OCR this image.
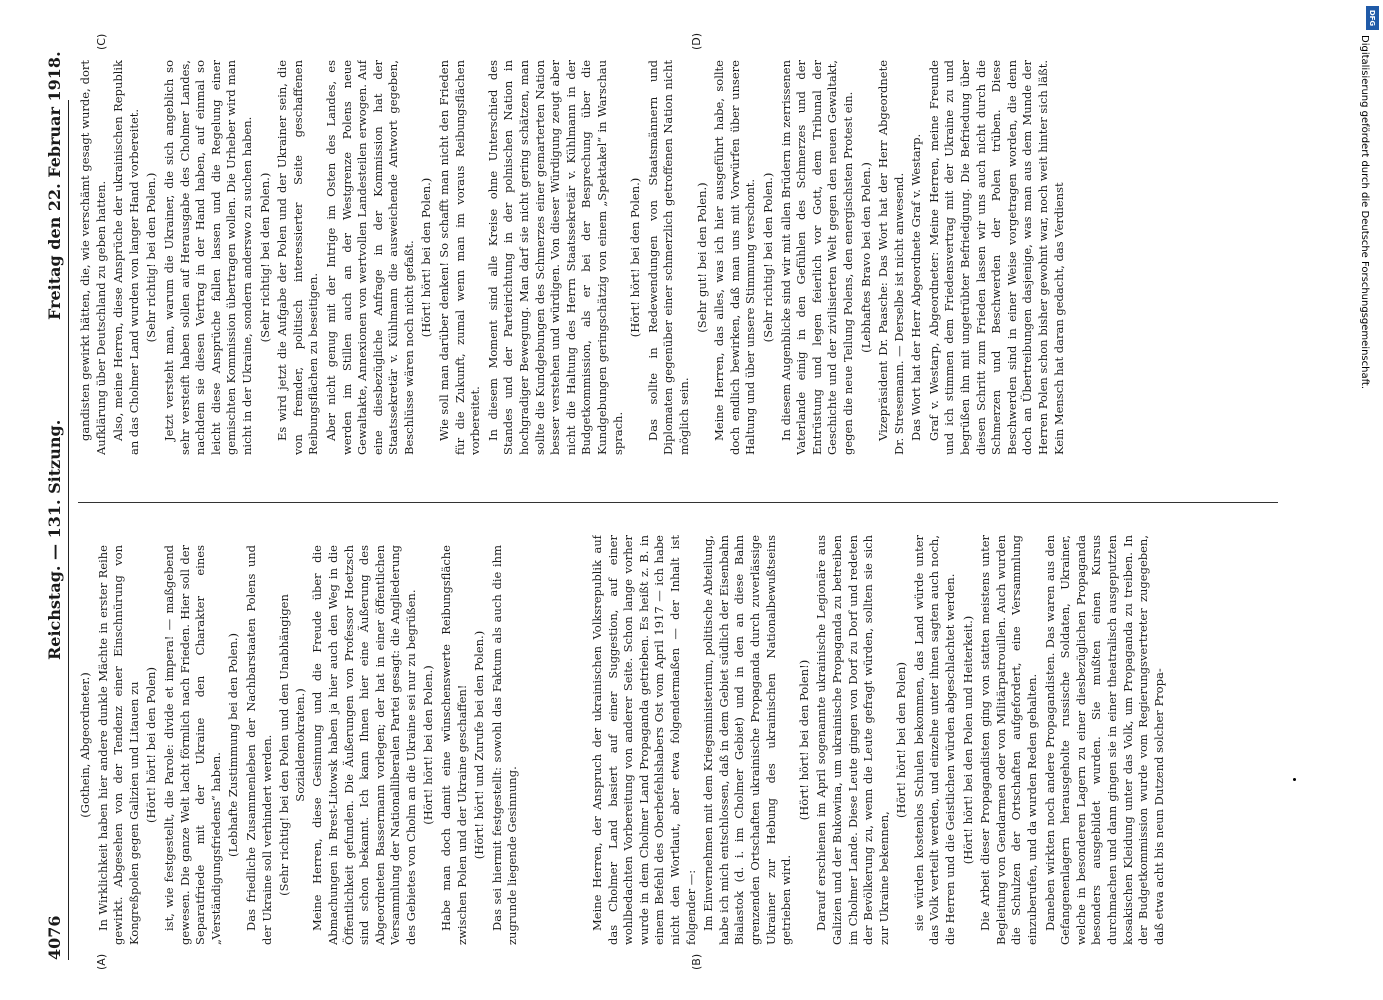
DFG
Digitalisierung gefördert durch die Deutsche Forschungsgemeinschaft.
4076
Reichstag. — 131. Sitzung.
Freitag den 22. Februar 1918.
(A)	(B)
(C)	(D)

(Gothein, Abgeordneter.) In Wirklichkeit haben hier andere dunkle Mächte in erster Reihe gewirkt. Abgesehen von der Tendenz einer Einschnürung von Kongreßpolen gegen Galizien und Litauen zu (Hört! hört! bei den Polen) ist, wie festgestellt, die Parole: divide et impera! — maßgebend gewesen. Die ganze Welt lacht förmlich nach Frieden. Hier soll der Separatfriede mit der Ukraine den Charakter eines „Verständigungsfriedens“ haben. (Lebhafte Zustimmung bei den Polen.) Das friedliche Zusammenleben der Nachbarstaaten Polens und der Ukraine soll verhindert werden. (Sehr richtig! bei den Polen und den Unabhängigen Sozialdemokraten.) Meine Herren, diese Gesinnung und die Freude über die Abmachungen in Brest-Litowsk haben ja hier auch den Weg in die Öffentlichkeit gefunden. Die Äußerungen von Professor Hoetzsch sind schon bekannt. Ich kann Ihnen hier eine Äußerung des Abgeordneten Bassermann vorlegen; der hat in einer öffentlichen Versammlung der Nationalliberalen Partei gesagt: die Angliederung des Gebietes von Cholm an die Ukraine sei nur zu begrüßen. (Hört! hört! bei den Polen.) Habe man doch damit eine wünschenswerte Reibungsfläche zwischen Polen und der Ukraine geschaffen! (Hört! hört! und Zurufe bei den Polen.) Das sei hiermit festgestellt: sowohl das Faktum als auch die ihm zugrunde liegende Gesinnung.	Meine Herren, der Anspruch der ukrainischen Volksrepublik auf das Cholmer Land basiert auf einer Suggestion, auf einer wohlbedachten Vorbereitung von anderer Seite. Schon lange vorher wurde in dem Cholmer Land Propaganda getrieben. Es heißt z. B. in einem Befehl des Oberbefehlshabers Ost vom April 1917 — ich habe nicht den Wortlaut, aber etwa folgendermaßen — der Inhalt ist folgender —: Im Einvernehmen mit dem Kriegsministerium, politische Abteilung, habe ich mich entschlossen, daß in dem Gebiet südlich der Eisenbahn Bialastok (d. i. im Cholmer Gebiet) und in den an diese Bahn grenzenden Ortschaften ukrainische Propaganda durch zuverlässige Ukrainer zur Hebung des ukrainischen Nationalbewußtseins getrieben wird.

(Hört! hört! bei den Polen!) Darauf erschienen im April sogenannte ukrainische Legionäre aus Galizien und der Bukowina, um ukrainische Propaganda zu betreiben im Cholmer Lande. Diese Leute gingen von Dorf zu Dorf und redeten der Bevölkerung zu, wenn die Leute gefragt würden, sollten sie sich zur Ukraine bekennen,

(Hört! hört! bei den Polen) sie würden kostenlos Schulen bekommen, das Land würde unter das Volk verteilt werden, und einzelne unter ihnen sagten auch noch, die Herren und die Geistlichen würden abgeschlachtet werden. (Hört! hört! bei den Polen und Heiterkeit.) Die Arbeit dieser Propagandisten ging von statten meistens unter Begleitung von Gendarmen oder von Militärpatrouillen. Auch wurden die Schulzen der Ortschaften aufgefordert, eine Versammlung einzuberufen, und da wurden Reden gehalten. Daneben wirkten noch andere Propagandisten. Das waren aus den Gefangenenlagern herausgeholte russische Soldaten, Ukrainer, welche in besonderen Lagern zu einer diesbezüglichen Propaganda besonders ausgebildet wurden. Sie mußten einen Kursus durchmachen und dann gingen sie in einer theatralisch ausgeputzten kosakischen Kleidung unter das Volk, um Propaganda zu treiben. In der Budgetkommission wurde vom Regierungsvertreter zugegeben, daß etwa acht bis neun Dutzend solcher Propa-

gandisten gewirkt hätten, die, wie verschämt gesagt wurde, dort Aufklärung über Deutschland zu geben hatten. Also, meine Herren, diese Ansprüche der ukrainischen Republik an das Cholmer Land wurden von langer Hand vorbereitet. (Sehr richtig! bei den Polen.) Jetzt versteht man, warum die Ukrainer, die sich angeblich so sehr versteift haben sollen auf Herausgabe des Cholmer Landes, nachdem sie diesen Vertrag in der Hand haben, auf einmal so leicht diese Ansprüche fallen lassen und die Regelung einer gemischten Kommission übertragen wollen. Die Urheber wird man nicht in der Ukraine, sondern anderswo zu suchen haben. (Sehr richtig! bei den Polen.) Es wird jetzt die Aufgabe der Polen und der Ukrainer sein, die von fremder, politisch interessierter Seite geschaffenen Reibungsflächen zu beseitigen. Aber nicht genug mit der Intrige im Osten des Landes, es werden im Stillen auch an der Westgrenze Polens neue Gewaltakte, Annexionen von wertvollen Landesteilen erwogen. Auf eine diesbezügliche Anfrage in der Kommission hat der Staatssekretär v. Kühlmann die ausweichende Antwort gegeben, Beschlüsse wären noch nicht gefaßt. (Hört! hört! bei den Polen.) Wie soll man darüber denken! So schafft man nicht den Frieden für die Zukunft, zumal wenn man im voraus Reibungsflächen vorbereitet. In diesem Moment sind alle Kreise ohne Unterschied des Standes und der Parteirichtung in der polnischen Nation in hochgradiger Bewegung. Man darf sie nicht gering schätzen, man sollte die Kundgebungen des Schmerzes einer gemarterten Nation besser verstehen und würdigen. Von dieser Würdigung zeugt aber nicht die Haltung des Herrn Staatssekretär v. Kühlmann in der Budgetkommission, als er bei der Besprechung über die Kundgebungen geringschätzig von einem „Spektakel“ in Warschau sprach.

(Hört! hört! bei den Polen.) Das sollte in Redewendungen von Staatsmännern und Diplomaten gegenüber einer schmerzlich getroffenen Nation nicht möglich sein.

(Sehr gut! bei den Polen.) Meine Herren, das alles, was ich hier ausgeführt habe, sollte doch endlich bewirken, daß man uns mit Vorwürfen über unsere Haltung und über unsere Stimmung verschont. (Sehr richtig! bei den Polen.) In diesem Augenblicke sind wir mit allen Brüdern im zerrissenen Vaterlande einig in den Gefühlen des Schmerzes und der Entrüstung und legen feierlich vor Gott, dem Tribunal der Geschichte und der zivilisierten Welt gegen den neuen Gewaltakt, gegen die neue Teilung Polens, den energischsten Protest ein. (Lebhaftes Bravo bei den Polen.) Vizepräsident Dr. Paasche: Das Wort hat der Herr Abgeordnete Dr. Stresemann. — Derselbe ist nicht anwesend. Das Wort hat der Herr Abgeordnete Graf v. Westarp. Graf v. Westarp, Abgeordneter: Meine Herren, meine Freunde und ich stimmen dem Friedensvertrag mit der Ukraine zu und begrüßen ihn mit ungetrübter Befriedigung. Die Befriedung über diesen Schritt zum Frieden lassen wir uns auch nicht durch die Schmerzen und Beschwerden der Polen trüben. Diese Beschwerden sind in einer Weise vorgetragen worden, die denn doch an Übertreibungen dasjenige, was man aus dem Munde der Herren Polen schon bisher gewohnt war, noch weit hinter sich läßt. Kein Mensch hat daran gedacht, das Verdienst
